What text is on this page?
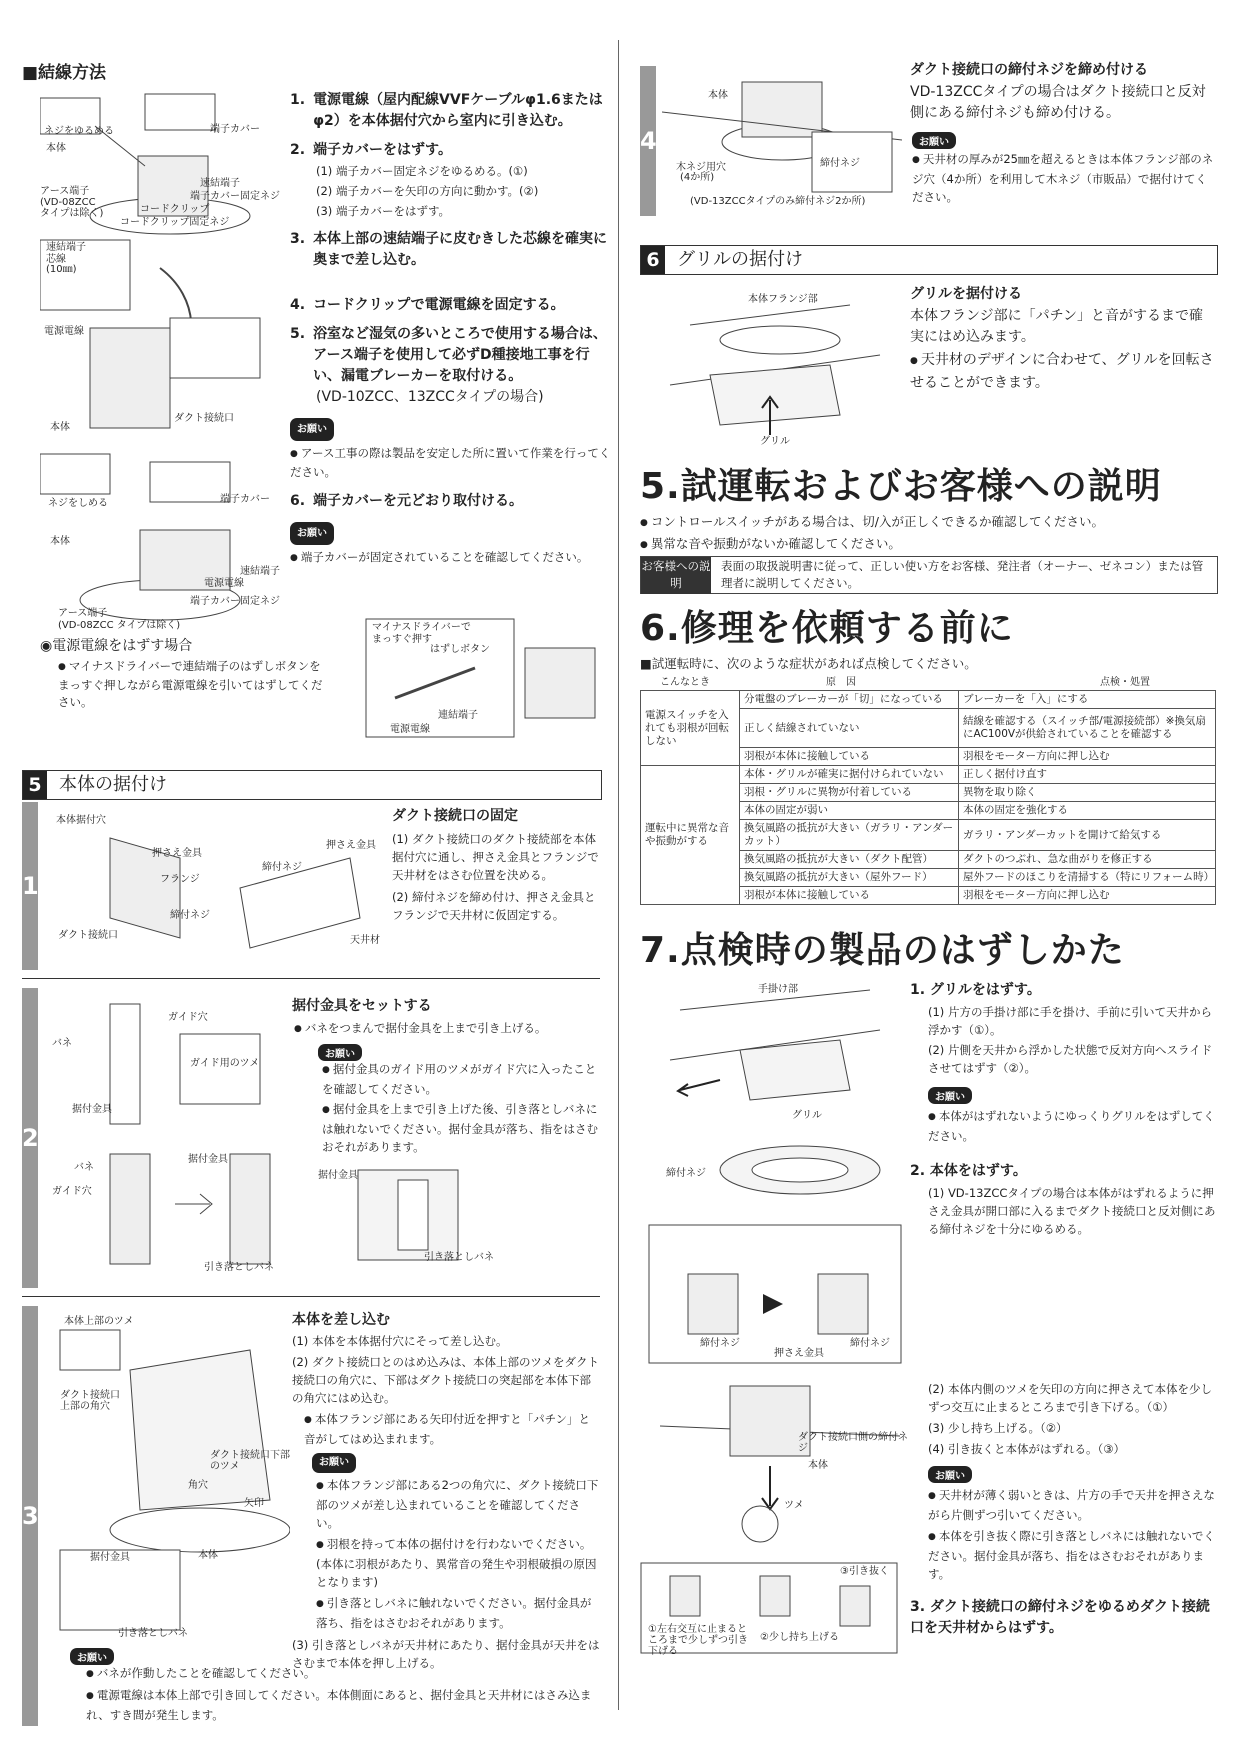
■結線方法
ネジをゆるめる	端子カバー
本体
速結端子
アース端子
(VD-08ZCC
タイプは除く)
端子カバー固定ネジ
コードクリップ
コードクリップ固定ネジ
速結端子
芯線
(10㎜)
電源電線
ダクト接続口
本体
ネジをしめる	端子カバー
本体
速結端子
電源電線
端子カバー固定ネジ
アース端子
(VD-08ZCC タイプは除く)
1. 電源電線（屋内配線VVFケーブルφ1.6またはφ2）を本体据付穴から室内に引き込む。
2. 端子カバーをはずす。
(1) 端子カバー固定ネジをゆるめる。(①)
(2) 端子カバーを矢印の方向に動かす。(②)
(3) 端子カバーをはずす。
3. 本体上部の速結端子に皮むきした芯線を確実に奥まで差し込む。
4. コードクリップで電源電線を固定する。
5. 浴室など湿気の多いところで使用する場合は、アース端子を使用して必ずD種接地工事を行い、漏電ブレーカーを取付ける。
(VD-10ZCC、13ZCCタイプの場合)
お願い
● アース工事の際は製品を安定した所に置いて作業を行ってください。
6. 端子カバーを元どおり取付ける。
お願い
● 端子カバーが固定されていることを確認してください。
◉電源電線をはずす場合
● マイナスドライバーで連結端子のはずしボタンをまっすぐ押しながら電源電線を引いてはずしてください。
マイナスドライバーで
まっすぐ押す
はずしボタン
連結端子
電源電線
5 本体の据付け
1
本体据付穴
押さえ金具
フランジ
締付ネジ
ダクト接続口
押さえ金具
締付ネジ
天井材
ダクト接続口の固定
(1) ダクト接続口のダクト接続部を本体据付穴に通し、押さえ金具とフランジで天井材をはさむ位置を決める。
(2) 締付ネジを締め付け、押さえ金具とフランジで天井材に仮固定する。
2
ガイド穴
バネ
ガイド用のツメ
据付金具
バネ
ガイド穴
据付金具
引き落としバネ
据付金具
引き落としバネ
据付金具をセットする
● バネをつまんで据付金具を上まで引き上げる。
お願い
● 据付金具のガイド用のツメがガイド穴に入ったことを確認してください。
● 据付金具を上まで引き上げた後、引き落としバネには触れないでください。据付金具が落ち、指をはさむおそれがあります。
3
本体上部のツメ
ダクト接続口上部の角穴
ダクト接続口下部のツメ
角穴
矢印
据付金具	本体
引き落としバネ
本体を差し込む
(1) 本体を本体据付穴にそって差し込む。
(2) ダクト接続口とのはめ込みは、本体上部のツメをダクト接続口の角穴に、下部はダクト接続口の突起部を本体下部の角穴にはめ込む。
● 本体フランジ部にある矢印付近を押すと「パチン」と音がしてはめ込まれます。
お願い
● 本体フランジ部にある2つの角穴に、ダクト接続口下部のツメが差し込まれていることを確認してください。
● 羽根を持って本体の据付けを行わないでください。(本体に羽根があたり、異常音の発生や羽根破損の原因となります)
● 引き落としバネに触れないでください。据付金具が落ち、指をはさむおそれがあります。
(3) 引き落としバネが天井材にあたり、据付金具が天井をはさむまで本体を押し上げる。
お願い
● バネが作動したことを確認してください。
● 電源電線は本体上部で引き回してください。本体側面にあると、据付金具と天井材にはさみ込まれ、すき間が発生します。
4
本体
木ネジ用穴
(4か所)
締付ネジ
(VD-13ZCCタイプのみ締付ネジ2か所)
ダクト接続口の締付ネジを締め付ける
VD-13ZCCタイプの場合はダクト接続口と反対側にある締付ネジも締め付ける。
お願い
● 天井材の厚みが25㎜を超えるときは本体フランジ部のネジ穴（4か所）を利用して木ネジ（市販品）で据付けてください。
6 グリルの据付け
本体フランジ部
グリル
グリルを据付ける
本体フランジ部に「パチン」と音がするまで確実にはめ込みます。
● 天井材のデザインに合わせて、グリルを回転させることができます。
5.試運転およびお客様への説明
● コントロールスイッチがある場合は、切/入が正しくできるか確認してください。
● 異常な音や振動がないか確認してください。
お客様への説明
表面の取扱説明書に従って、正しい使い方をお客様、発注者（オーナー、ゼネコン）または管理者に説明してください。
6.修理を依頼する前に
■試運転時に、次のような症状があれば点検してください。
こんなとき	原　因	点検・処置
電源スイッチを入れても羽根が回転しない	分電盤のブレーカーが「切」になっている	ブレーカーを「入」にする
	正しく結線されていない	結線を確認する（スイッチ部/電源接続部）※換気扇にAC100Vが供給されていることを確認する
	羽根が本体に接触している	羽根をモーター方向に押し込む
運転中に異常な音や振動がする	本体・グリルが確実に据付けられていない	正しく据付け直す
	羽根・グリルに異物が付着している	異物を取り除く
	本体の固定が弱い	本体の固定を強化する
	換気風路の抵抗が大きい（ガラリ・アンダーカット）	ガラリ・アンダーカットを開けて給気する
	換気風路の抵抗が大きい（ダクト配管）	ダクトのつぶれ、急な曲がりを修正する
	換気風路の抵抗が大きい（屋外フード）	屋外フードのほこりを清掃する（特にリフォーム時）
	羽根が本体に接触している	羽根をモーター方向に押し込む
7.点検時の製品のはずしかた
手掛け部
グリル
締付ネジ
締付ネジ
押さえ金具
締付ネジ
ダクト接続口側の締付ネジ
本体
ツメ
①左右交互に止まるところまで少しずつ引き下げる
②少し持ち上げる
③引き抜く
1. グリルをはずす。
(1) 片方の手掛け部に手を掛け、手前に引いて天井から浮かす（①）。
(2) 片側を天井から浮かした状態で反対方向へスライドさせてはずす（②）。
お願い
● 本体がはずれないようにゆっくりグリルをはずしてください。
2. 本体をはずす。
(1) VD-13ZCCタイプの場合は本体がはずれるように押さえ金具が開口部に入るまでダクト接続口と反対側にある締付ネジを十分にゆるめる。
(2) 本体内側のツメを矢印の方向に押さえて本体を少しずつ交互に止まるところまで引き下げる。（①）
(3) 少し持ち上げる。（②）
(4) 引き抜くと本体がはずれる。（③）
お願い
● 天井材が薄く弱いときは、片方の手で天井を押さえながら片側ずつ引いてください。
● 本体を引き抜く際に引き落としバネには触れないでください。据付金具が落ち、指をはさむおそれがあります。
3. ダクト接続口の締付ネジをゆるめダクト接続口を天井材からはずす。
